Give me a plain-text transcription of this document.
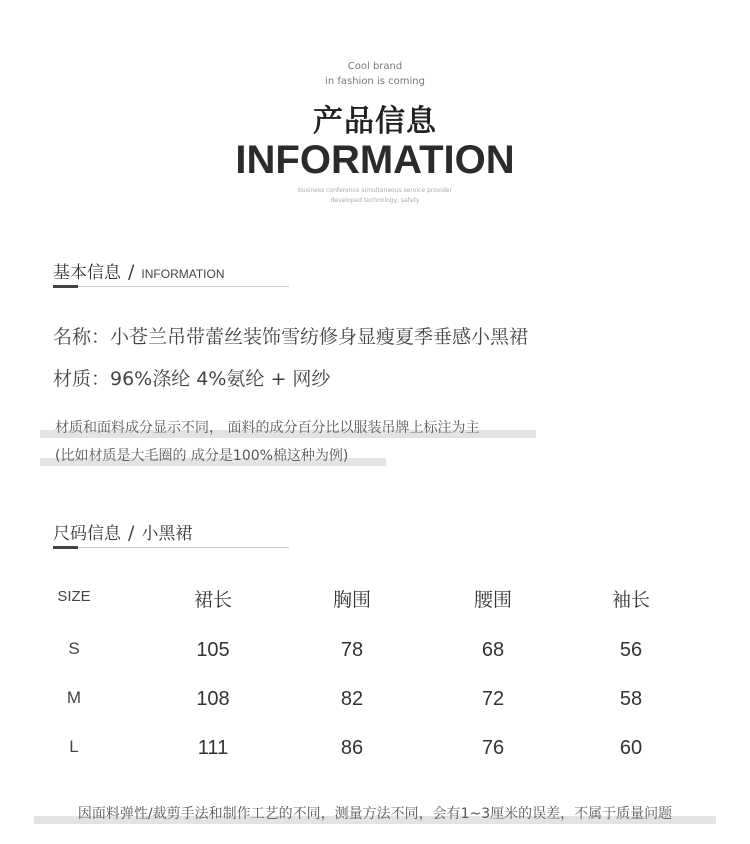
Cool brand
in fashion is coming
产品信息
INFORMATION
business conference simultaneous service provider
developed technology, safety
基本信息 / INFORMATION
名称：小苍兰吊带蕾丝装饰雪纺修身显瘦夏季垂感小黑裙
材质：96%涤纶 4%氨纶 + 网纱
材质和面料成分显示不同， 面料的成分百分比以服装吊牌上标注为主
(比如材质是大毛圈的 成分是100%棉这种为例)
尺码信息 / 小黑裙
SIZE	裙长	胸围	腰围	袖长
S	105	78	68	56
M	108	82	72	58
L	111	86	76	60
因面料弹性/裁剪手法和制作工艺的不同，测量方法不同，会有1~3厘米的误差，不属于质量问题
